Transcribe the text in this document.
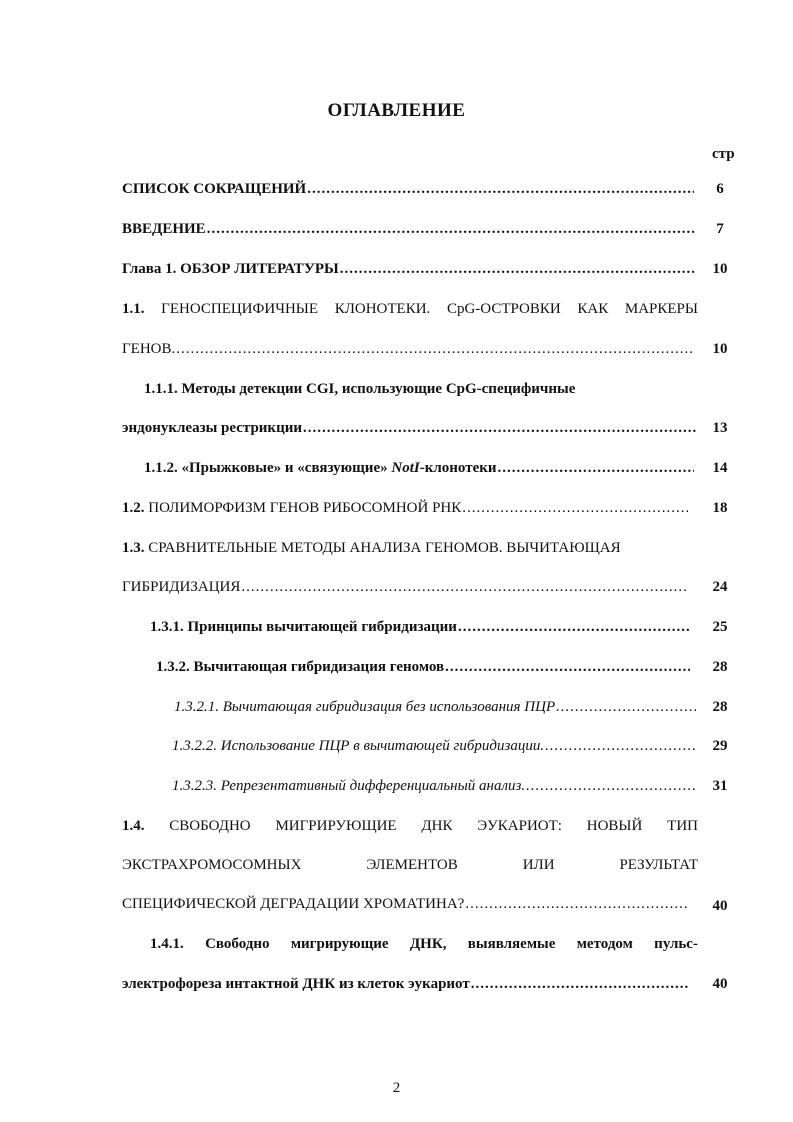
ОГЛАВЛЕНИЕ
стр
СПИСОК СОКРАЩЕНИЙ .....	6
ВВЕДЕНИЕ .....	7
Глава 1. ОБЗОР ЛИТЕРАТУРЫ .....	10
1.1. ГЕНОСПЕЦИФИЧНЫЕ КЛОНОТЕКИ. CpG-ОСТРОВКИ КАК МАРКЕРЫ
ГЕНОВ. .....	10
1.1.1. Методы детекции CGI, использующие CpG-специфичные
эндонуклеазы рестрикции .....	13
1.1.2. «Прыжковые» и «связующие» NotI-клонотеки .....	14
1.2. ПОЛИМОРФИЗМ ГЕНОВ РИБОСОМНОЙ РНК .....	18
1.3. СРАВНИТЕЛЬНЫЕ МЕТОДЫ АНАЛИЗА ГЕНОМОВ. ВЫЧИТАЮЩАЯ
ГИБРИДИЗАЦИЯ .....	24
1.3.1. Принципы вычитающей гибридизации .....	25
1.3.2. Вычитающая гибридизация геномов .....	28
1.3.2.1. Вычитающая гибридизация без использования ПЦР .....	28
1.3.2.2. Использование ПЦР в вычитающей гибридизации. .....	29
1.3.2.3. Репрезентативный дифференциальный анализ. .....	31
1.4. СВОБОДНО МИГРИРУЮЩИЕ ДНК ЭУКАРИОТ: НОВЫЙ ТИП
ЭКСТРАХРОМОСОМНЫХ	ЭЛЕМЕНТОВ	ИЛИ	РЕЗУЛЬТАТ
СПЕЦИФИЧЕСКОЙ ДЕГРАДАЦИИ ХРОМАТИНА? .....	40
1.4.1. Свободно мигрирующие ДНК, выявляемые методом пульс-
электрофореза интактной ДНК из клеток эукариот .....	40
2
